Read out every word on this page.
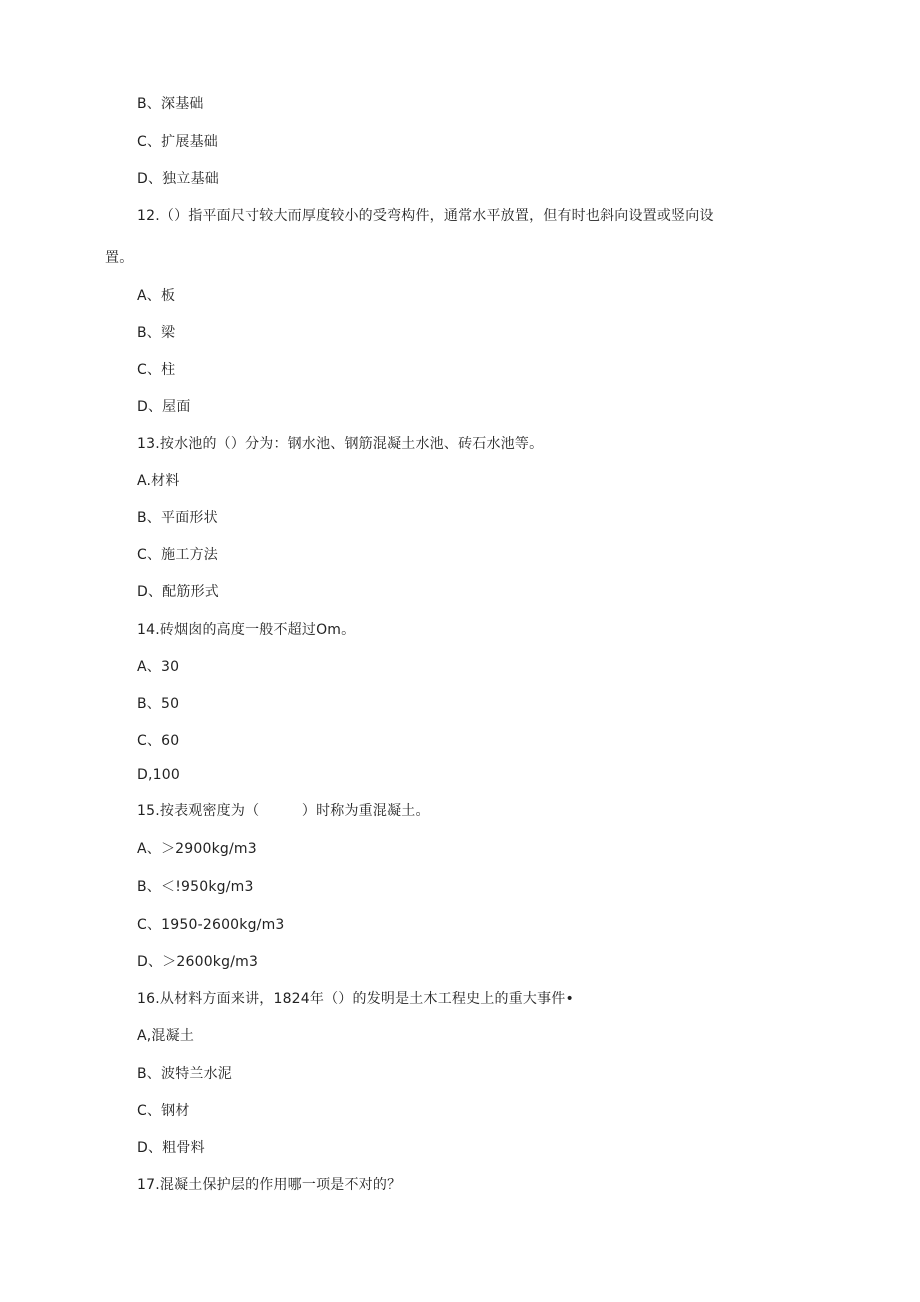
B、深基础
C、扩展基础
D、独立基础
12.（）指平面尺寸较大而厚度较小的受弯构件，通常水平放置，但有时也斜向设置或竖向设
置。
A、板
B、梁
C、柱
D、屋面
13.按水池的（）分为：钢水池、钢筋混凝土水池、砖石水池等。
A.材料
B、平面形状
C、施工方法
D、配筋形式
14.砖烟囱的高度一般不超过Om。
A、30
B、50
C、60
D,100
15.按表观密度为（　　　）时称为重混凝土。
A、＞2900kg/m3
B、＜!950kg∕m3
C、1950-2600kg∕m3
D、＞2600kg/m3
16.从材料方面来讲，1824年（）的发明是土木工程史上的重大事件•
A,混凝土
B、波特兰水泥
C、钢材
D、粗骨料
17.混凝土保护层的作用哪一项是不对的？
